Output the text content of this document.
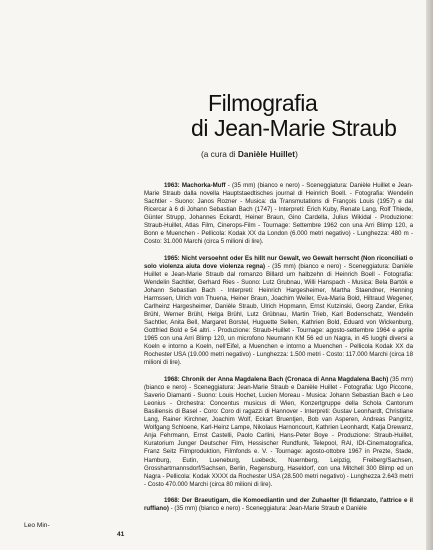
Filmografia
di Jean-Marie Straub
(a cura di Danièle Huillet)

1963: Machorka-Muff - (35 mm) (bianco e nero) - Sceneggiatura: Danièle Huillet e Jean-Marie Straub dalla novella Hauptstaedtisches journal di Heinrich Boell. - Fotografia: Wendelin Sachtler - Suono: Janos Rozner - Musica: da Transmutations di François Louis (1957) e dal Ricercar à 6 di Johann Sebastian Bach (1747) - Interpreti: Erich Kuby, Renate Lang, Rolf Thiede, Günter Strupp, Johannes Eckardt, Heiner Braun, Gino Cardella, Julius Wikidal - Produzione: Straub-Huillet, Atlas Film, Cinerops-Film - Tournage: Settembre 1962 con una Arri Blimp 120, a Bonn e Muenchen - Pellicola: Kodak XX da London (6.000 metri negativo) - Lunghezza: 480 m - Costo: 31.000 Marchi (circa 5 milioni di lire).

1965: Nicht versoehnt oder Es hillt nur Gewalt, wo Gewalt herrscht (Non riconciliati o solo violenza aiuta dove violenza regna) - (35 mm) (bianco e nero) - Sceneggiatura: Danièle Huillet e Jean-Marie Straub dal romanzo Billard um halbzehn di Heinrich Boell - Fotografia: Wendelin Sachtler, Gerhard Ries - Suono: Lutz Grubnau, Willi Hanspach - Musica: Bela Bartók e Johann Sebastian Bach - Interpreti: Heinrich Hargesheimer, Martha Staendner, Henning Harmssen, Ulrich von Thuena, Heiner Braun, Joachim Weiler, Eva-Maria Bold, Hiltraud Wegener, Carlheinz Hargesheimer, Danièle Straub, Ulrich Hopmann, Ernst Kutzinski, Georg Zander, Erika Brühl, Werner Brühl, Helga Brühl, Lutz Grübnau, Martin Trieb, Karl Bodenschatz, Wendelin Sachtler, Anita Bell, Margaret Borstel, Huguette Sellen, Kathrien Bold, Eduard von Wickenburg, Gottfried Bold e 54 altri. - Produzione: Straub-Huillet - Tournage: agosto-settembre 1964 e aprile 1965 con una Arri Blimp 120, un microfono Neumann KM 56 ed un Nagra, in 45 luoghi diversi a Koeln e intorno a Koeln, nell'Eifel, a Muenchen e intorno a Muenchen - Pellicola Kodak XX da Rochester USA (19.000 metri negativo) - Lunghezza: 1.500 metri - Costo: 117.000 Marchi (circa 18 milioni di lire).

1968: Chronik der Anna Magdalena Bach (Cronaca di Anna Magdalena Bach) (35 mm) (bianco e nero) - Sceneggiatura: Jean-Marie Straub e Danièle Huillet - Fotografia: Ugo Piccone, Saverio Diamanti - Suono: Louis Hochet, Lucien Moreau - Musica: Johann Sebastian Bach e Leo Leonius - Orchestra: Concentus musicus di Wien, Konzertgruppe della Schola Cantorum Basiliensis di Basel - Coro: Coro di ragazzi di Hannover - Interpreti: Gustav Leonhardt, Christiane Lang, Rainer Kirchner, Joachim Wolf, Eckart Bruentjen, Bob van Asperen, Andreas Pangritz, Wolfgang Schloene, Karl-Heinz Lampe, Nikolaus Harnoncourt, Kathrien Leonhardt, Katja Drewanz, Anja Fehrmann, Ernst Castelli, Paolo Carlini, Hans-Peter Boye - Produzione: Straub-Huillet, Kuratorium Junger Deutscher Film, Hessischer Rundfunk, Telepool, RAI, IDI-Cinematografica, Franz Seitz Filmproduktion, Filmfonds e. V. - Tournage: agosto-ottobre 1967 in Prezte, Stade, Hamburg, Eutin, Lueneburg, Luebeck, Nuernberg, Leipzig, Freiberg/Sachsen, Grosshartmannsdorf/Sachsen, Berlin, Regensburg, Haseldorf, con una Mitchell 300 Blimp ed un Nagra - Pellicola: Kodak XXXX da Rochester USA (28.500 metri negativo) - Lunghezza 2.643 metri - Costo 470.000 Marchi (circa 80 milioni di lire).

1968: Der Braeutigam, die Komoediantin und der Zuhaelter (Il fidanzato, l'attrice e il ruffiano) - (35 mm) (bianco e nero) - Sceneggiatura: Jean-Marie Straub e Danièle

Leo Min-
41
